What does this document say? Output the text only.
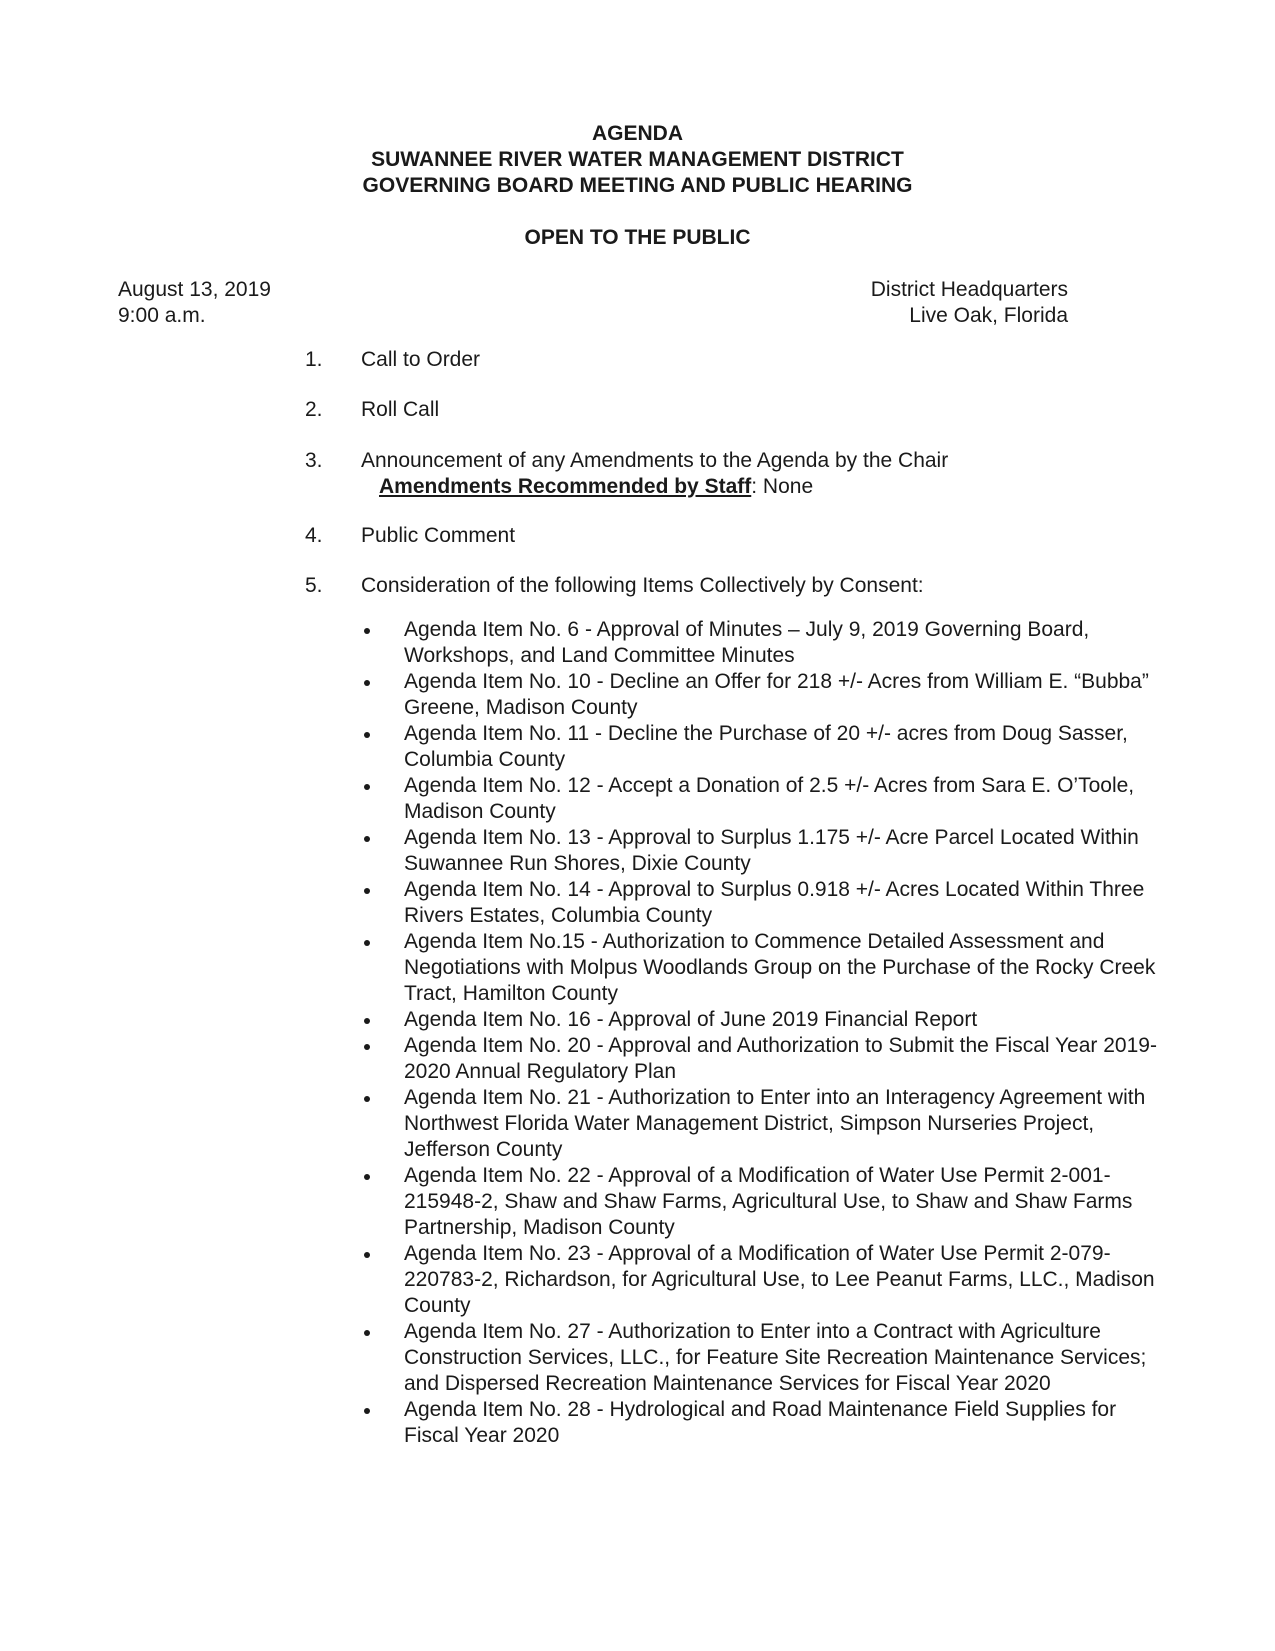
AGENDA
SUWANNEE RIVER WATER MANAGEMENT DISTRICT
GOVERNING BOARD MEETING AND PUBLIC HEARING
OPEN TO THE PUBLIC
August 13, 2019
9:00 a.m.
District Headquarters
Live Oak, Florida
1. Call to Order
2. Roll Call
3. Announcement of any Amendments to the Agenda by the Chair
Amendments Recommended by Staff: None
4. Public Comment
5. Consideration of the following Items Collectively by Consent:
Agenda Item No. 6 - Approval of Minutes – July 9, 2019 Governing Board, Workshops, and Land Committee Minutes
Agenda Item No. 10 - Decline an Offer for 218 +/- Acres from William E. “Bubba” Greene, Madison County
Agenda Item No. 11 - Decline the Purchase of 20 +/- acres from Doug Sasser, Columbia County
Agenda Item No. 12 - Accept a Donation of 2.5 +/- Acres from Sara E. O’Toole, Madison County
Agenda Item No. 13 - Approval to Surplus 1.175 +/- Acre Parcel Located Within Suwannee Run Shores, Dixie County
Agenda Item No. 14 - Approval to Surplus 0.918 +/- Acres Located Within Three Rivers Estates, Columbia County
Agenda Item No.15 - Authorization to Commence Detailed Assessment and Negotiations with Molpus Woodlands Group on the Purchase of the Rocky Creek Tract, Hamilton County
Agenda Item No. 16 - Approval of June 2019 Financial Report
Agenda Item No. 20 - Approval and Authorization to Submit the Fiscal Year 2019-2020 Annual Regulatory Plan
Agenda Item No. 21 - Authorization to Enter into an Interagency Agreement with Northwest Florida Water Management District, Simpson Nurseries Project, Jefferson County
Agenda Item No. 22 - Approval of a Modification of Water Use Permit 2-001-215948-2, Shaw and Shaw Farms, Agricultural Use, to Shaw and Shaw Farms Partnership, Madison County
Agenda Item No. 23 - Approval of a Modification of Water Use Permit 2-079-220783-2, Richardson, for Agricultural Use, to Lee Peanut Farms, LLC., Madison County
Agenda Item No. 27 - Authorization to Enter into a Contract with Agriculture Construction Services, LLC., for Feature Site Recreation Maintenance Services; and Dispersed Recreation Maintenance Services for Fiscal Year 2020
Agenda Item No. 28 - Hydrological and Road Maintenance Field Supplies for Fiscal Year 2020
